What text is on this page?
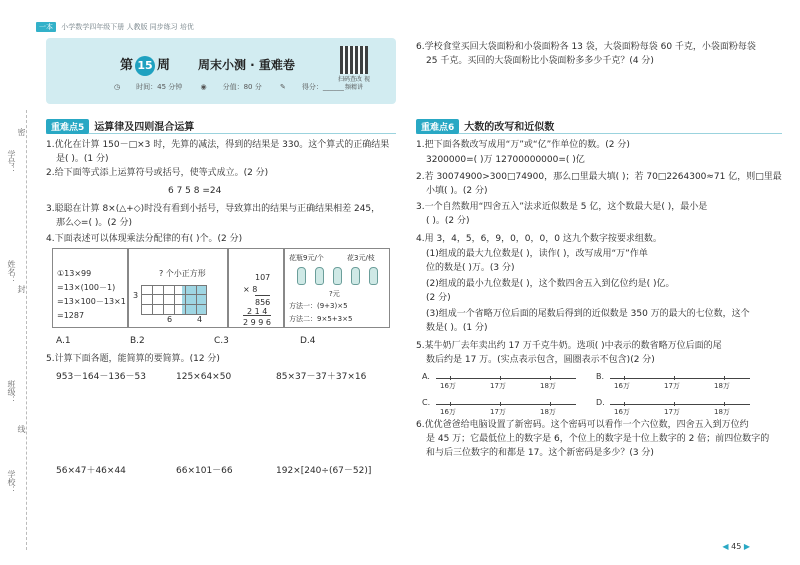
一本 小学数学四年级下册 人教版 同步练习 培优
学校：
班级：
姓名：
学号：
线
封
密
第 15 周 周末小测 · 重难卷
◷ 时间：45 分钟	◉ 分值：80 分	✎ 得分：______
扫码查改 视频精讲
重难点5 运算律及四则混合运算
1.优化在计算 150－□×3 时，先算的减法，得到的结果是 330。这个算式的正确结果
是( )。(1 分)
2.给下面等式添上运算符号或括号，使等式成立。(2 分)
6 7 5 8 =24
3.聪聪在计算 8×(△+◇)时没有看到小括号，导致算出的结果与正确结果相差 245，
那么◇=( )。(2 分)
4.下面表述可以体现乘法分配律的有( )个。(2 分)
①13×99
=13×(100－1)
=13×100－13×1
=1287
? 个小正方形
3
6	4
107
× 8
856
2 1 4
2 9 9 6
花瓶9元/个	花3元/枝
?元
方法一：(9+3)×5
方法二：9×5+3×5
A.1	B.2	C.3	D.4
5.计算下面各题，能简算的要简算。(12 分)
953－164－136－53	125×64×50	85×37－37＋37×16
56×47＋46×44	66×101－66	192×[240÷(67－52)]
6.学校食堂买回大袋面粉和小袋面粉各 13 袋，大袋面粉每袋 60 千克，小袋面粉每袋
25 千克。买回的大袋面粉比小袋面粉多多少千克？(4 分)
重难点6 大数的改写和近似数
1.把下面各数改写成用“万”或“亿”作单位的数。(2 分)
3200000=( )万 12700000000=( )亿
2.若 30074900>300□74900，那么□里最大填( )；若 70□2264300≈71 亿，则□里最
小填( )。(2 分)
3.一个自然数用“四舍五入”法求近似数是 5 亿，这个数最大是( )，最小是
( )。(2 分)
4.用 3，4，5，6，9，0，0，0，0 这九个数字按要求组数。
(1)组成的最大九位数是( )，读作( )，改写成用“万”作单
位的数是( )万。(3 分)
(2)组成的最小九位数是( )，这个数四舍五入到亿位约是( )亿。
(2 分)
(3)组成一个省略万位后面的尾数后得到的近似数是 350 万的最大的七位数，这个
数是( )。(1 分)
5.某牛奶厂去年卖出约 17 万千克牛奶。选项( )中表示的数省略万位后面的尾
数后约是 17 万。(实点表示包含，圆圈表示不包含)(2 分)
A.
16万	17万	18万
B.
16万	17万	18万
C.
16万	17万	18万
D.
16万	17万	18万
6.优优爸爸给电脑设置了新密码。这个密码可以看作一个六位数，四舍五入到万位约
是 45 万；它最低位上的数字是 6，个位上的数字是十位上数字的 2 倍；前四位数字的
和与后三位数字的和都是 17。这个新密码是多少？(3 分)
◀ 45 ▶
